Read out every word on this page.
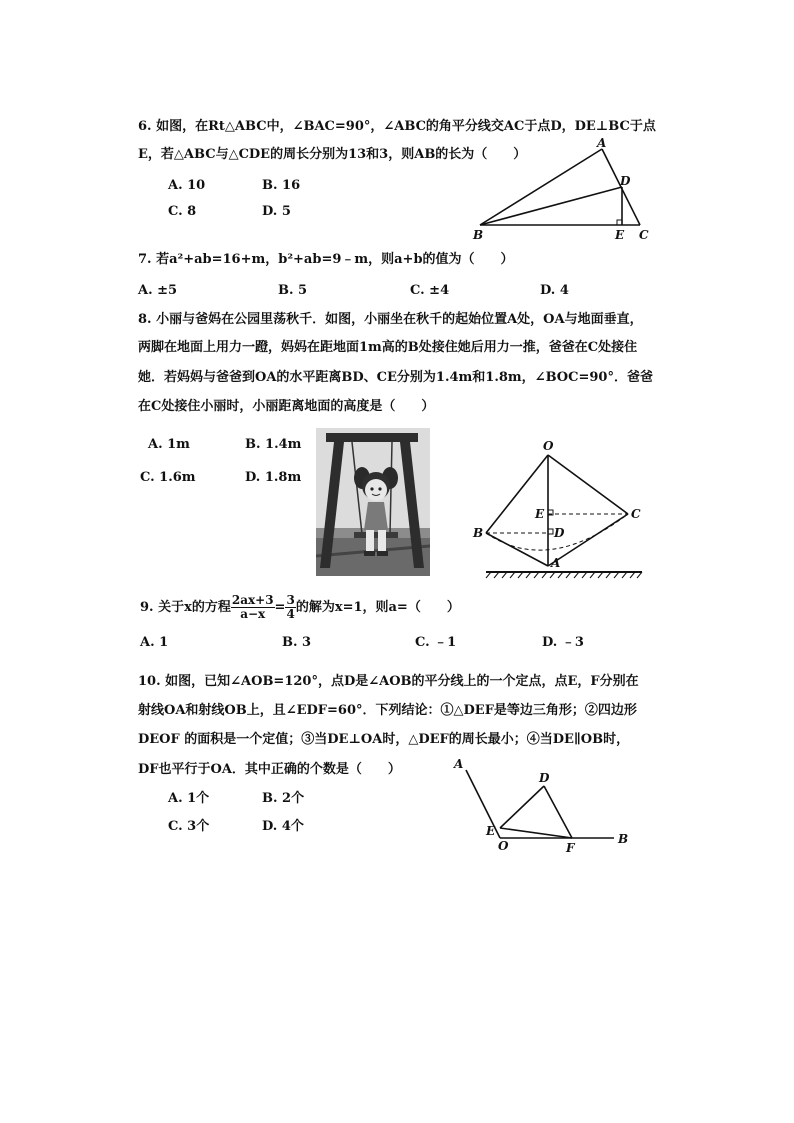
6. 如图，在Rt△ABC中，∠BAC=90°，∠ABC的角平分线交AC于点D，DE⊥BC于点
E，若△ABC与△CDE的周长分别为13和3，则AB的长为（　　）
A. 10	B. 16
C. 8	D. 5
A
D
B	E C
7. 若a²+ab=16+m，b²+ab=9﹣m，则a+b的值为（　　）
A. ±5	B. 5	C. ±4	D. 4
8. 小丽与爸妈在公园里荡秋千．如图，小丽坐在秋千的起始位置A处，OA与地面垂直，
两脚在地面上用力一蹬，妈妈在距地面1m高的B处接住她后用力一推，爸爸在C处接住
她．若妈妈与爸爸到OA的水平距离BD、CE分别为1.4m和1.8m，∠BOC=90°．爸爸
在C处接住小丽时，小丽距离地面的高度是（　　）
A. 1m	B. 1.4m
C. 1.6m	D. 1.8m
O
E	C
B	D
A
9. 关于x的方程 $\frac{2ax+3}{a-x} = \frac{3}{4}$ 的解为x=1，则a=（　　）
A. 1	B. 3	C. ﹣1	D. ﹣3
10. 如图，已知∠AOB=120°，点D是∠AOB的平分线上的一个定点，点E，F分别在
射线OA和射线OB上，且∠EDF=60°．下列结论：①△DEF是等边三角形；②四边形
DEOF 的面积是一个定值；③当DE⊥OA时，△DEF的周长最小；④当DE∥OB时，
DF也平行于OA．其中正确的个数是（　　）
A. 1个	B. 2个
C. 3个	D. 4个
A
D
E
O	F
B
